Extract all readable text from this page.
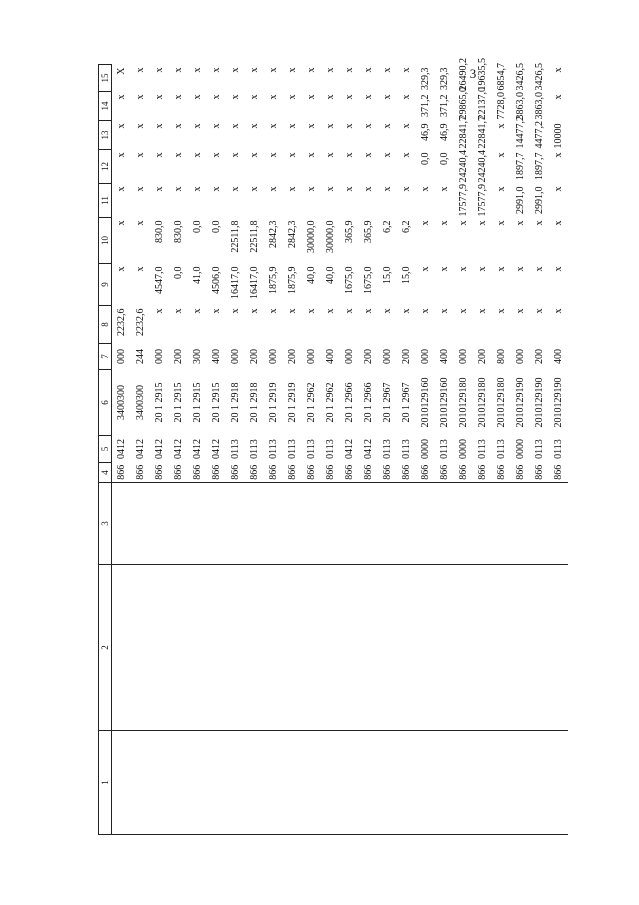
3
1	2	3	4	5	6	7	8	9	10	11	12	13	14	15
			866	0412	3400300	000	2232,6	x	x	x	x	x	x	X
			866	0412	3400300	244	2232,6	x	x	x	x	x	x	x
			866	0412	20 1 2915	000	x	4547,0	830,0	x	x	x	x	x
			866	0412	20 1 2915	200	x	0,0	830,0	x	x	x	x	x
			866	0412	20 1 2915	300	x	41,0	0,0	x	x	x	x	x
			866	0412	20 1 2915	400	x	4506,0	0,0	x	x	x	x	x
			866	0113	20 1 2918	000	x	16417,0	22511,8	x	x	x	x	x
			866	0113	20 1 2918	200	x	16417,0	22511,8	x	x	x	x	x
			866	0113	20 1 2919	000	x	1875,9	2842,3	x	x	x	x	x
			866	0113	20 1 2919	200	x	1875,9	2842,3	x	x	x	x	x
			866	0113	20 1 2962	000	x	40,0	30000,0	x	x	x	x	x
			866	0113	20 1 2962	400	x	40,0	30000,0	x	x	x	x	x
			866	0412	20 1 2966	000	x	1675,0	365,9	x	x	x	x	x
			866	0412	20 1 2966	200	x	1675,0	365,9	x	x	x	x	x
			866	0113	20 1 2967	000	x	15,0	6,2	x	x	x	x	x
			866	0113	20 1 2967	200	x	15,0	6,2	x	x	x	x	x
			866	0000	2010129160	000	x	x	x	x	0,0	46,9	371,2	329,3
			866	0113	2010129160	400	x	x	x	x	0,0	46,9	371,2	329,3
			866	0000	2010129180	000	x	x	x	17577,9	24240,4	22841,7	29865,0	26490,2
			866	0113	2010129180	200	x	x	x	17577,9	24240,4	22841,7	22137,0	19635,5
			866	0113	2010129180	800	x	x	x	x	x	x	7728,0	6854,7
			866	0000	2010129190	000	x	x	x	2991,0	1897,7	14477,2	3863,0	3426,5
			866	0113	2010129190	200	x	x	x	2991,0	1897,7	4477,2	3863,0	3426,5
			866	0113	2010129190	400	x	x	x	x	x	10000	x	x
